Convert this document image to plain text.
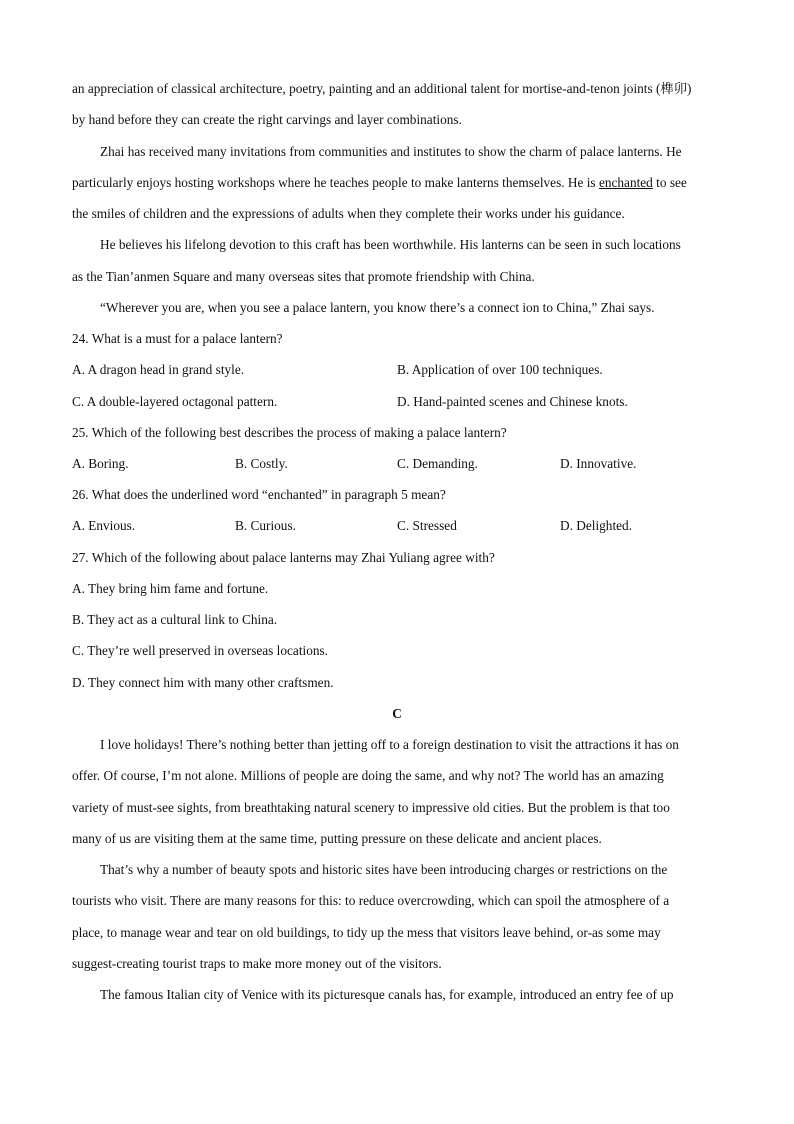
an appreciation of classical architecture, poetry, painting and an additional talent for mortise-and-tenon joints (榫卯)
by hand before they can create the right carvings and layer combinations.
Zhai has received many invitations from communities and institutes to show the charm of palace lanterns. He
particularly enjoys hosting workshops where he teaches people to make lanterns themselves. He is enchanted to see
the smiles of children and the expressions of adults when they complete their works under his guidance.
He believes his lifelong devotion to this craft has been worthwhile. His lanterns can be seen in such locations
as the Tian’anmen Square and many overseas sites that promote friendship with China.
“Wherever you are, when you see a palace lantern, you know there’s a connect ion to China,” Zhai says.
24. What is a must for a palace lantern?
A. A dragon head in grand style.	B. Application of over 100 techniques.
C. A double-layered octagonal pattern.	D. Hand-painted scenes and Chinese knots.
25. Which of the following best describes the process of making a palace lantern?
A. Boring.	B. Costly.	C. Demanding.	D. Innovative.
26. What does the underlined word “enchanted” in paragraph 5 mean?
A. Envious.	B. Curious.	C. Stressed	D. Delighted.
27. Which of the following about palace lanterns may Zhai Yuliang agree with?
A. They bring him fame and fortune.
B. They act as a cultural link to China.
C. They’re well preserved in overseas locations.
D. They connect him with many other craftsmen.
C
I love holidays! There’s nothing better than jetting off to a foreign destination to visit the attractions it has on
offer. Of course, I’m not alone. Millions of people are doing the same, and why not? The world has an amazing
variety of must-see sights, from breathtaking natural scenery to impressive old cities. But the problem is that too
many of us are visiting them at the same time, putting pressure on these delicate and ancient places.
That’s why a number of beauty spots and historic sites have been introducing charges or restrictions on the
tourists who visit. There are many reasons for this: to reduce overcrowding, which can spoil the atmosphere of a
place, to manage wear and tear on old buildings, to tidy up the mess that visitors leave behind, or-as some may
suggest-creating tourist traps to make more money out of the visitors.
The famous Italian city of Venice with its picturesque canals has, for example, introduced an entry fee of up
